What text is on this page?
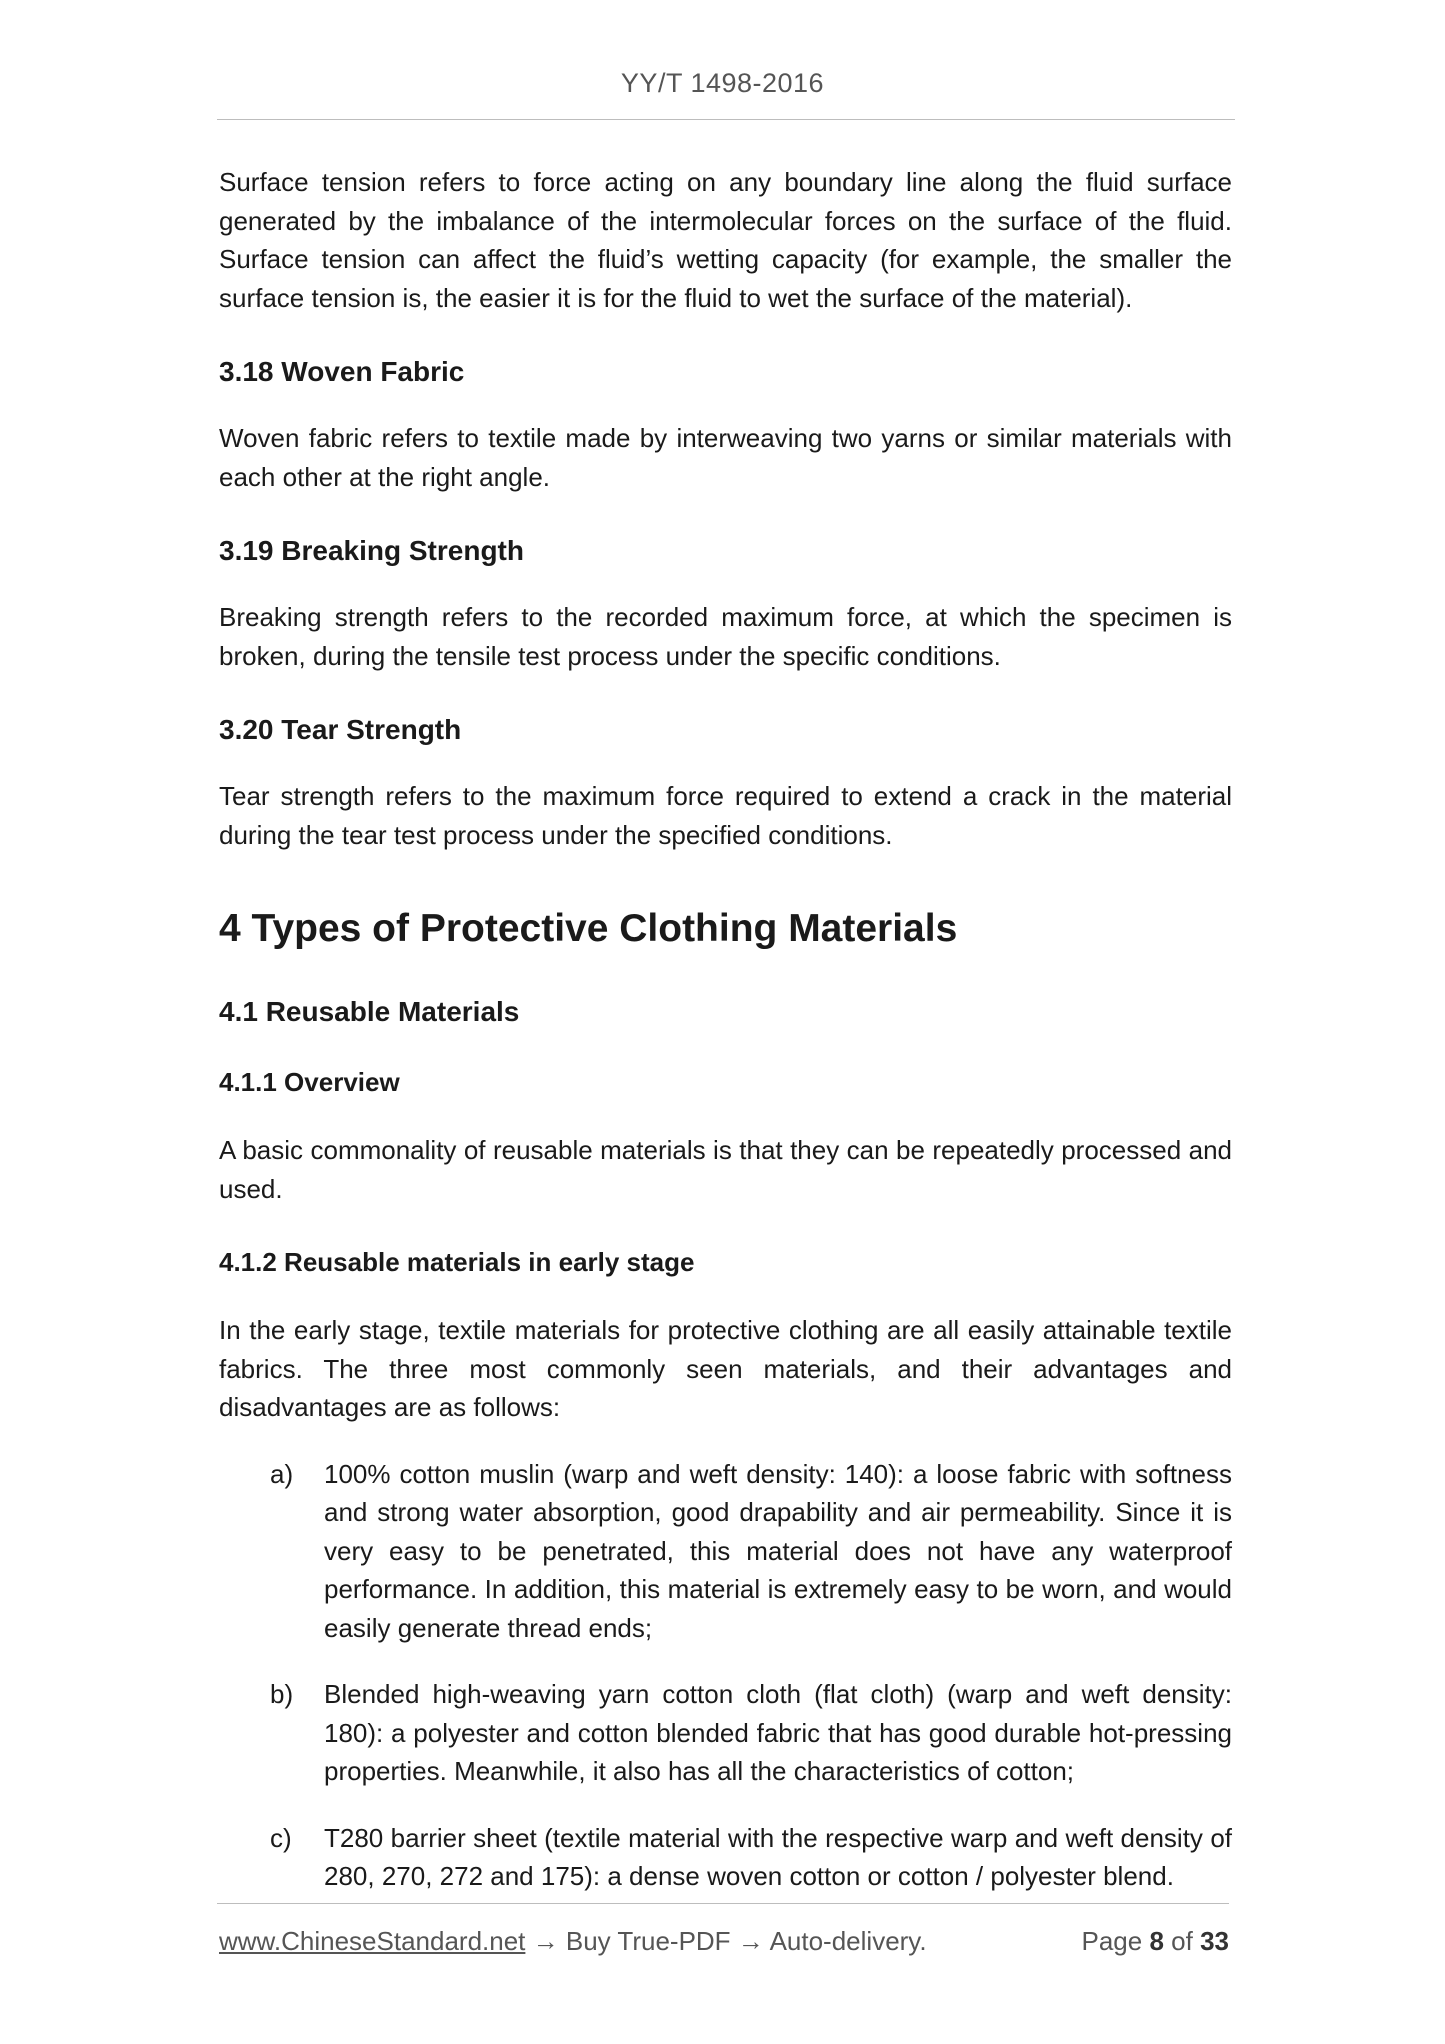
YY/T 1498-2016

Surface tension refers to force acting on any boundary line along the fluid surface generated by the imbalance of the intermolecular forces on the surface of the fluid. Surface tension can affect the fluid’s wetting capacity (for example, the smaller the surface tension is, the easier it is for the fluid to wet the surface of the material).

3.18 Woven Fabric

Woven fabric refers to textile made by interweaving two yarns or similar materials with each other at the right angle.

3.19 Breaking Strength

Breaking strength refers to the recorded maximum force, at which the specimen is broken, during the tensile test process under the specific conditions.

3.20 Tear Strength

Tear strength refers to the maximum force required to extend a crack in the material during the tear test process under the specified conditions.

4 Types of Protective Clothing Materials
4.1 Reusable Materials
4.1.1 Overview

A basic commonality of reusable materials is that they can be repeatedly processed and used.

4.1.2 Reusable materials in early stage

In the early stage, textile materials for protective clothing are all easily attainable textile fabrics. The three most commonly seen materials, and their advantages and disadvantages are as follows:

a) 100% cotton muslin (warp and weft density: 140): a loose fabric with softness and strong water absorption, good drapability and air permeability. Since it is very easy to be penetrated, this material does not have any waterproof performance. In addition, this material is extremely easy to be worn, and would easily generate thread ends;

b) Blended high-weaving yarn cotton cloth (flat cloth) (warp and weft density: 180): a polyester and cotton blended fabric that has good durable hot-pressing properties. Meanwhile, it also has all the characteristics of cotton;

c) T280 barrier sheet (textile material with the respective warp and weft density of 280, 270, 272 and 175): a dense woven cotton or cotton / polyester blend.

www.ChineseStandard.net → Buy True-PDF → Auto-delivery.	Page 8 of 33
